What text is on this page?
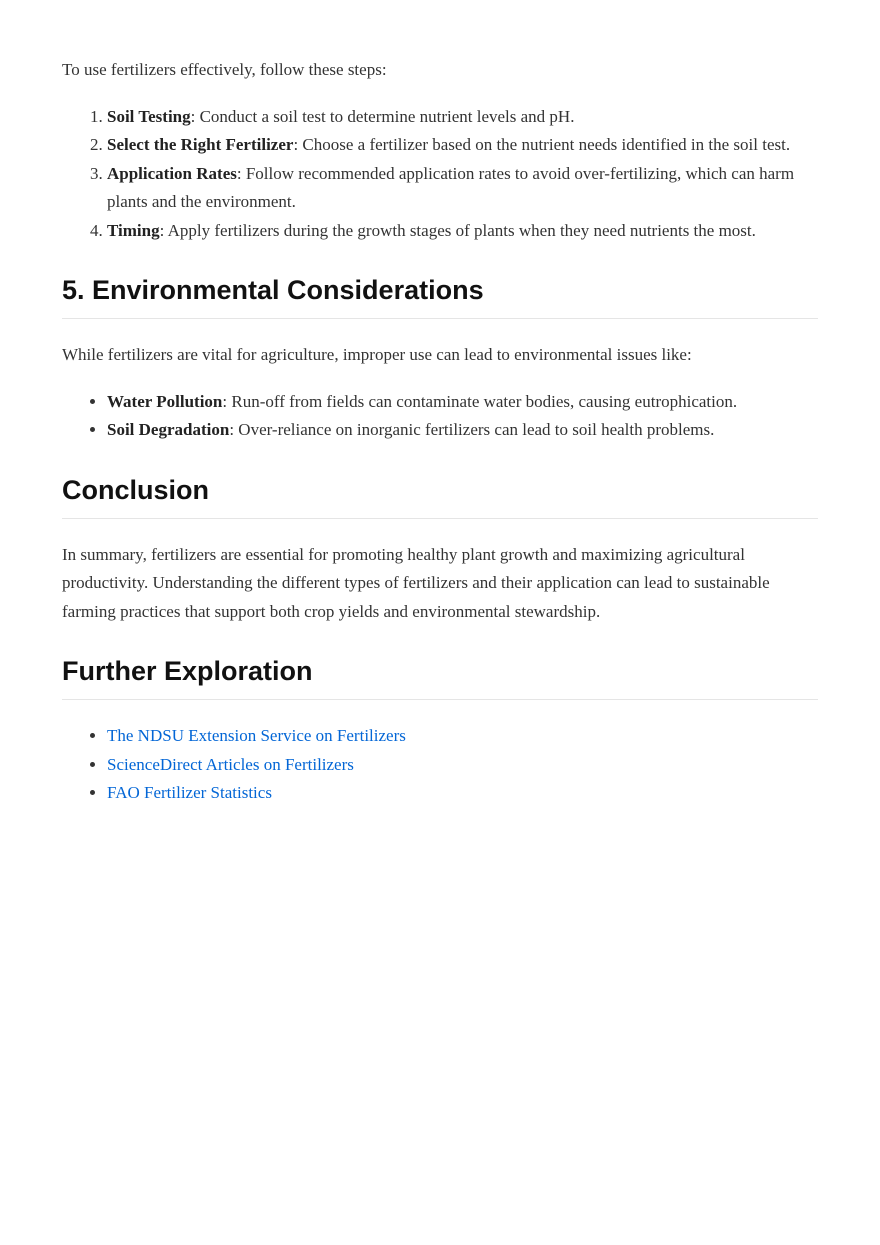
To use fertilizers effectively, follow these steps:

1. Soil Testing: Conduct a soil test to determine nutrient levels and pH.
2. Select the Right Fertilizer: Choose a fertilizer based on the nutrient needs identified in the soil test.
3. Application Rates: Follow recommended application rates to avoid over-fertilizing, which can harm plants and the environment.
4. Timing: Apply fertilizers during the growth stages of plants when they need nutrients the most.
5. Environmental Considerations

While fertilizers are vital for agriculture, improper use can lead to environmental issues like:

• Water Pollution: Run-off from fields can contaminate water bodies, causing eutrophication.
• Soil Degradation: Over-reliance on inorganic fertilizers can lead to soil health problems.
Conclusion

In summary, fertilizers are essential for promoting healthy plant growth and maximizing agricultural productivity. Understanding the different types of fertilizers and their application can lead to sustainable farming practices that support both crop yields and environmental stewardship.

Further Exploration
• The NDSU Extension Service on Fertilizers
• ScienceDirect Articles on Fertilizers
• FAO Fertilizer Statistics
